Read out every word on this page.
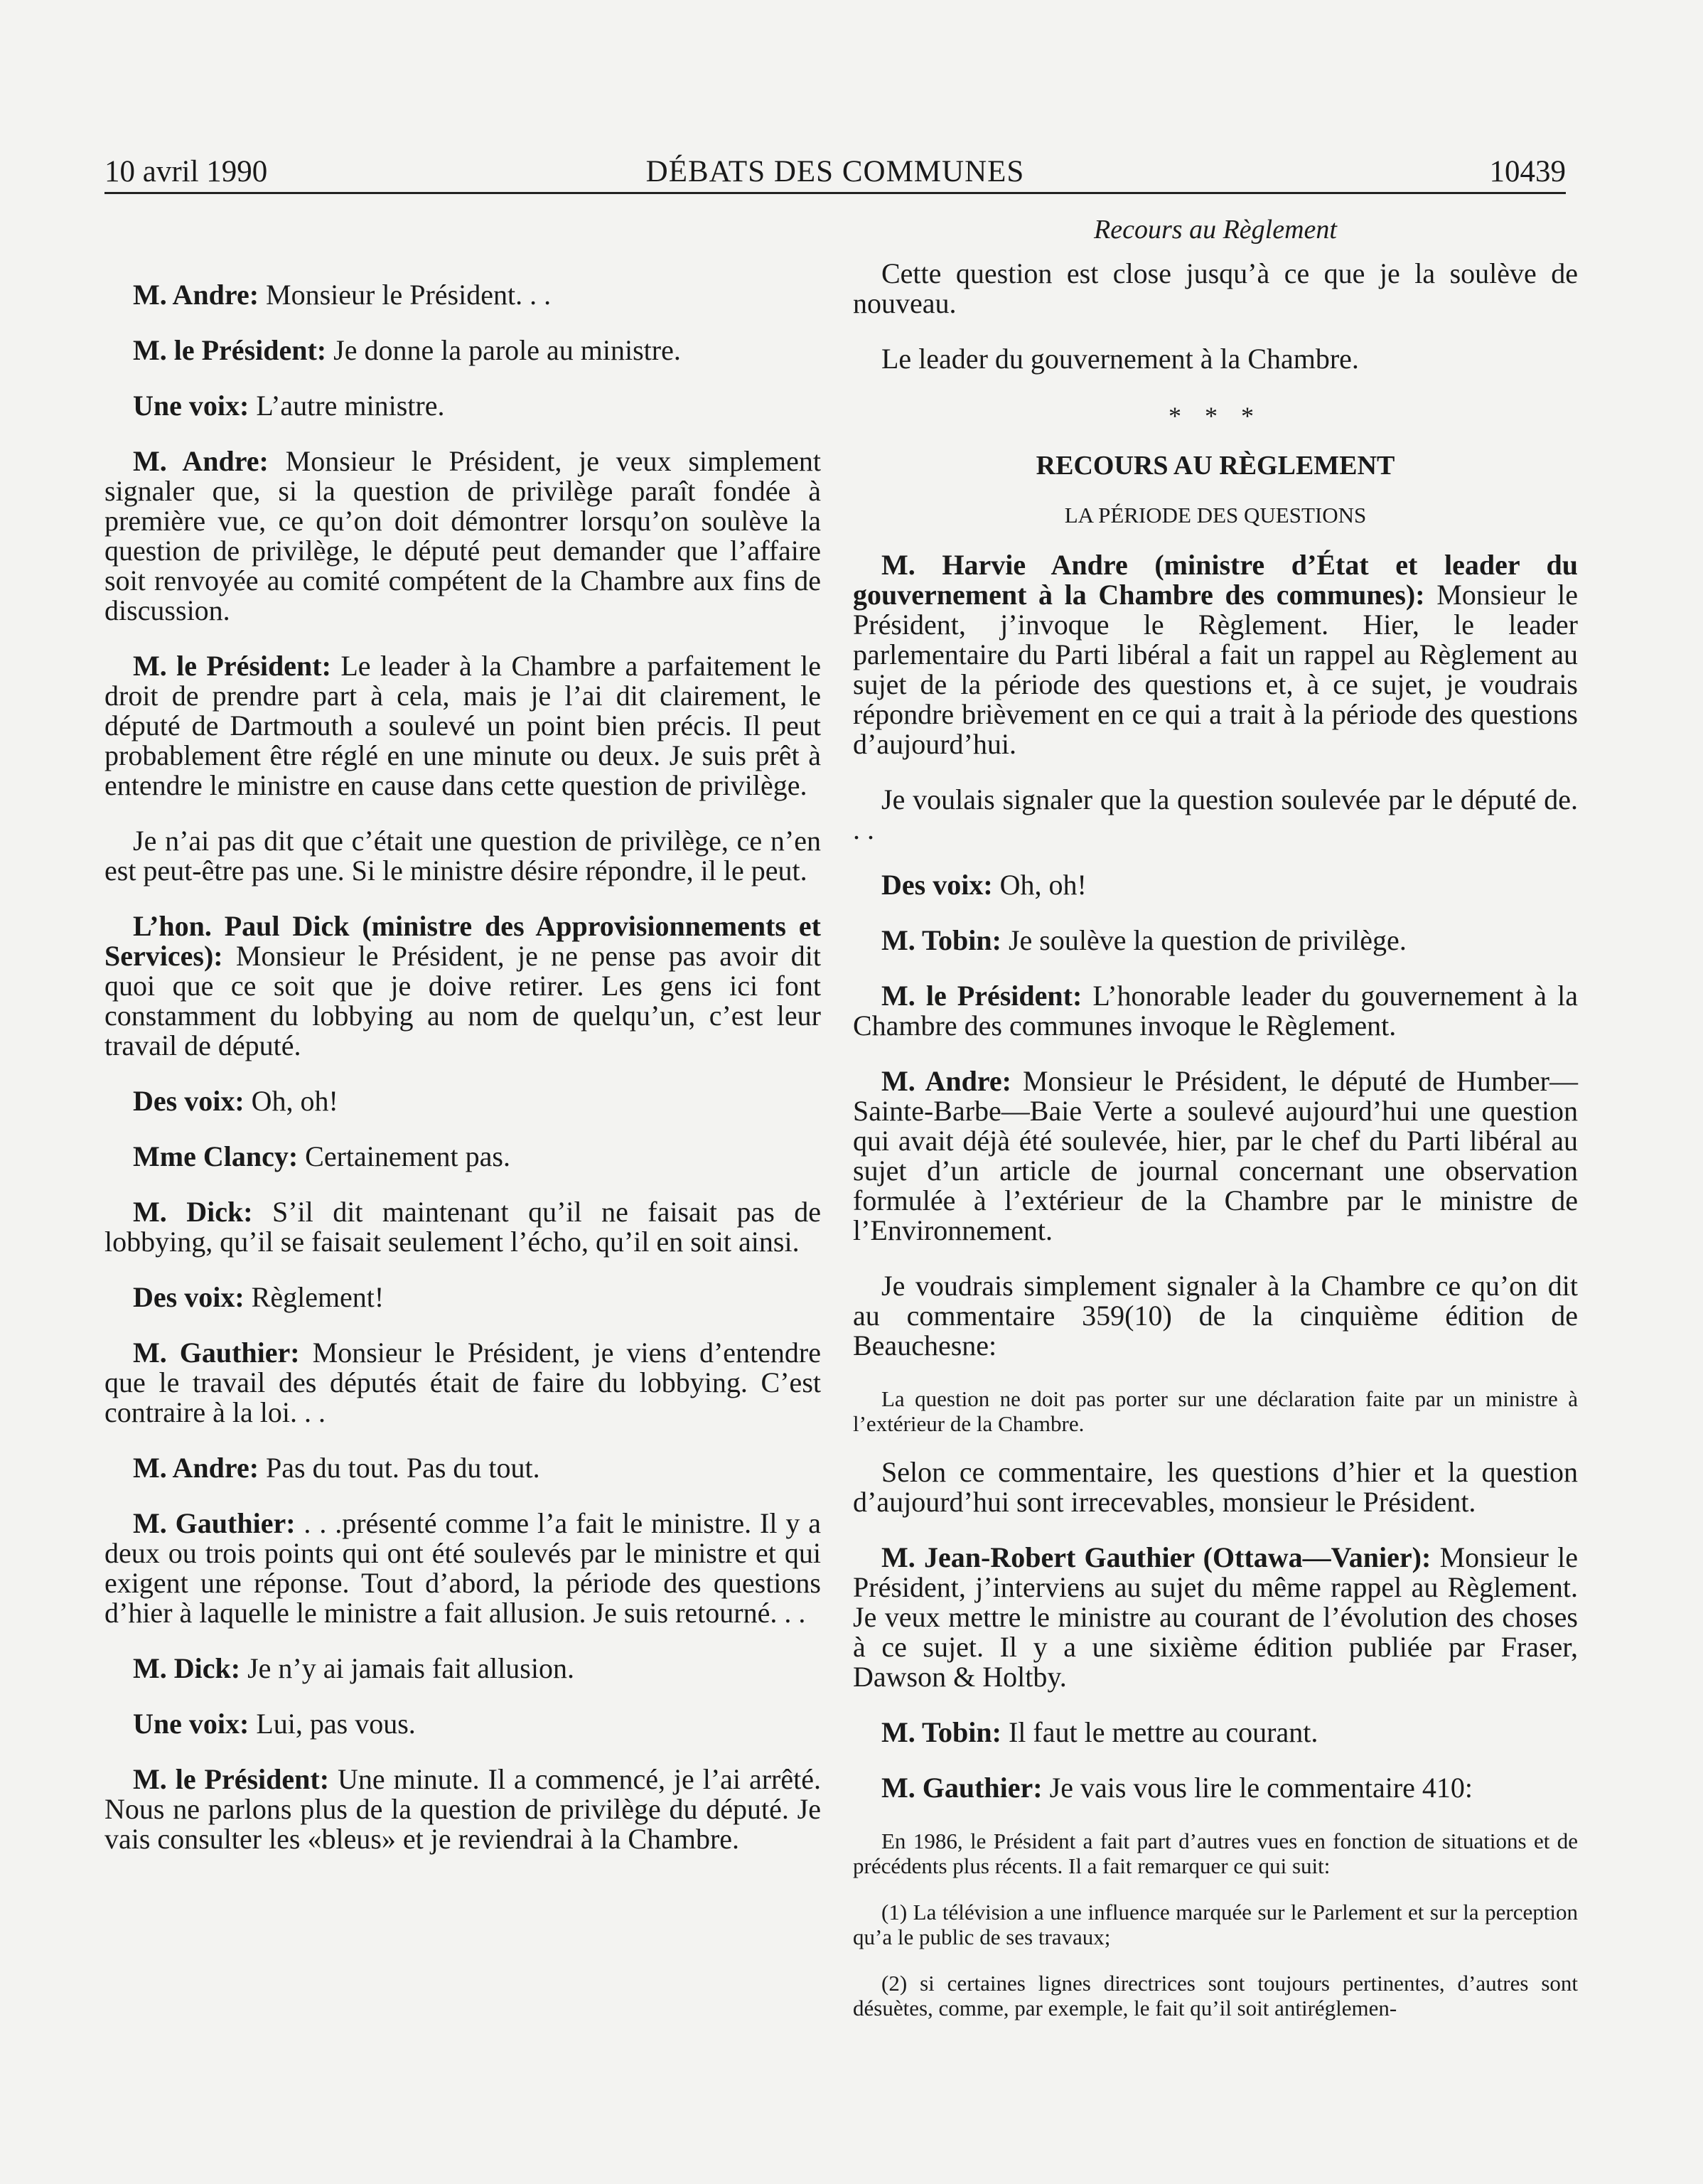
10 avril 1990	DÉBATS DES COMMUNES	10439

M. Andre: Monsieur le Président. . .

M. le Président: Je donne la parole au ministre.

Une voix: L’autre ministre.

M. Andre: Monsieur le Président, je veux simplement signaler que, si la question de privilège paraît fondée à première vue, ce qu’on doit démontrer lorsqu’on soulève la question de privilège, le député peut demander que l’affaire soit renvoyée au comité compétent de la Chambre aux fins de discussion.

M. le Président: Le leader à la Chambre a parfaitement le droit de prendre part à cela, mais je l’ai dit clairement, le député de Dartmouth a soulevé un point bien précis. Il peut probablement être réglé en une minute ou deux. Je suis prêt à entendre le ministre en cause dans cette question de privilège.

Je n’ai pas dit que c’était une question de privilège, ce n’en est peut-être pas une. Si le ministre désire répondre, il le peut.

L’hon. Paul Dick (ministre des Approvisionnements et Services): Monsieur le Président, je ne pense pas avoir dit quoi que ce soit que je doive retirer. Les gens ici font constamment du lobbying au nom de quelqu’un, c’est leur travail de député.

Des voix: Oh, oh!

Mme Clancy: Certainement pas.

M. Dick: S’il dit maintenant qu’il ne faisait pas de lobbying, qu’il se faisait seulement l’écho, qu’il en soit ainsi.

Des voix: Règlement!

M. Gauthier: Monsieur le Président, je viens d’entendre que le travail des députés était de faire du lobbying. C’est contraire à la loi. . .

M. Andre: Pas du tout. Pas du tout.

M. Gauthier: . . .présenté comme l’a fait le ministre. Il y a deux ou trois points qui ont été soulevés par le ministre et qui exigent une réponse. Tout d’abord, la période des questions d’hier à laquelle le ministre a fait allusion. Je suis retourné. . .

M. Dick: Je n’y ai jamais fait allusion.

Une voix: Lui, pas vous.

M. le Président: Une minute. Il a commencé, je l’ai arrêté. Nous ne parlons plus de la question de privilège du député. Je vais consulter les «bleus» et je reviendrai à la Chambre.

Recours au Règlement

Cette question est close jusqu’à ce que je la soulève de nouveau.

Le leader du gouvernement à la Chambre.

* * *
RECOURS AU RÈGLEMENT
LA PÉRIODE DES QUESTIONS

M. Harvie Andre (ministre d’État et leader du gouvernement à la Chambre des communes): Monsieur le Président, j’invoque le Règlement. Hier, le leader parlementaire du Parti libéral a fait un rappel au Règlement au sujet de la période des questions et, à ce sujet, je voudrais répondre brièvement en ce qui a trait à la période des questions d’aujourd’hui.

Je voulais signaler que la question soulevée par le député de. . .

Des voix: Oh, oh!

M. Tobin: Je soulève la question de privilège.

M. le Président: L’honorable leader du gouvernement à la Chambre des communes invoque le Règlement.

M. Andre: Monsieur le Président, le député de Humber—Sainte-Barbe—Baie Verte a soulevé aujourd’hui une question qui avait déjà été soulevée, hier, par le chef du Parti libéral au sujet d’un article de journal concernant une observation formulée à l’extérieur de la Chambre par le ministre de l’Environnement.

Je voudrais simplement signaler à la Chambre ce qu’on dit au commentaire 359(10) de la cinquième édition de Beauchesne:

La question ne doit pas porter sur une déclaration faite par un ministre à l’extérieur de la Chambre.

Selon ce commentaire, les questions d’hier et la question d’aujourd’hui sont irrecevables, monsieur le Président.

M. Jean-Robert Gauthier (Ottawa—Vanier): Monsieur le Président, j’interviens au sujet du même rappel au Règlement. Je veux mettre le ministre au courant de l’évolution des choses à ce sujet. Il y a une sixième édition publiée par Fraser, Dawson & Holtby.

M. Tobin: Il faut le mettre au courant.

M. Gauthier: Je vais vous lire le commentaire 410:

En 1986, le Président a fait part d’autres vues en fonction de situations et de précédents plus récents. Il a fait remarquer ce qui suit:
(1) La télévision a une influence marquée sur le Parlement et sur la perception qu’a le public de ses travaux;
(2) si certaines lignes directrices sont toujours pertinentes, d’autres sont désuètes, comme, par exemple, le fait qu’il soit antiréglemen-
